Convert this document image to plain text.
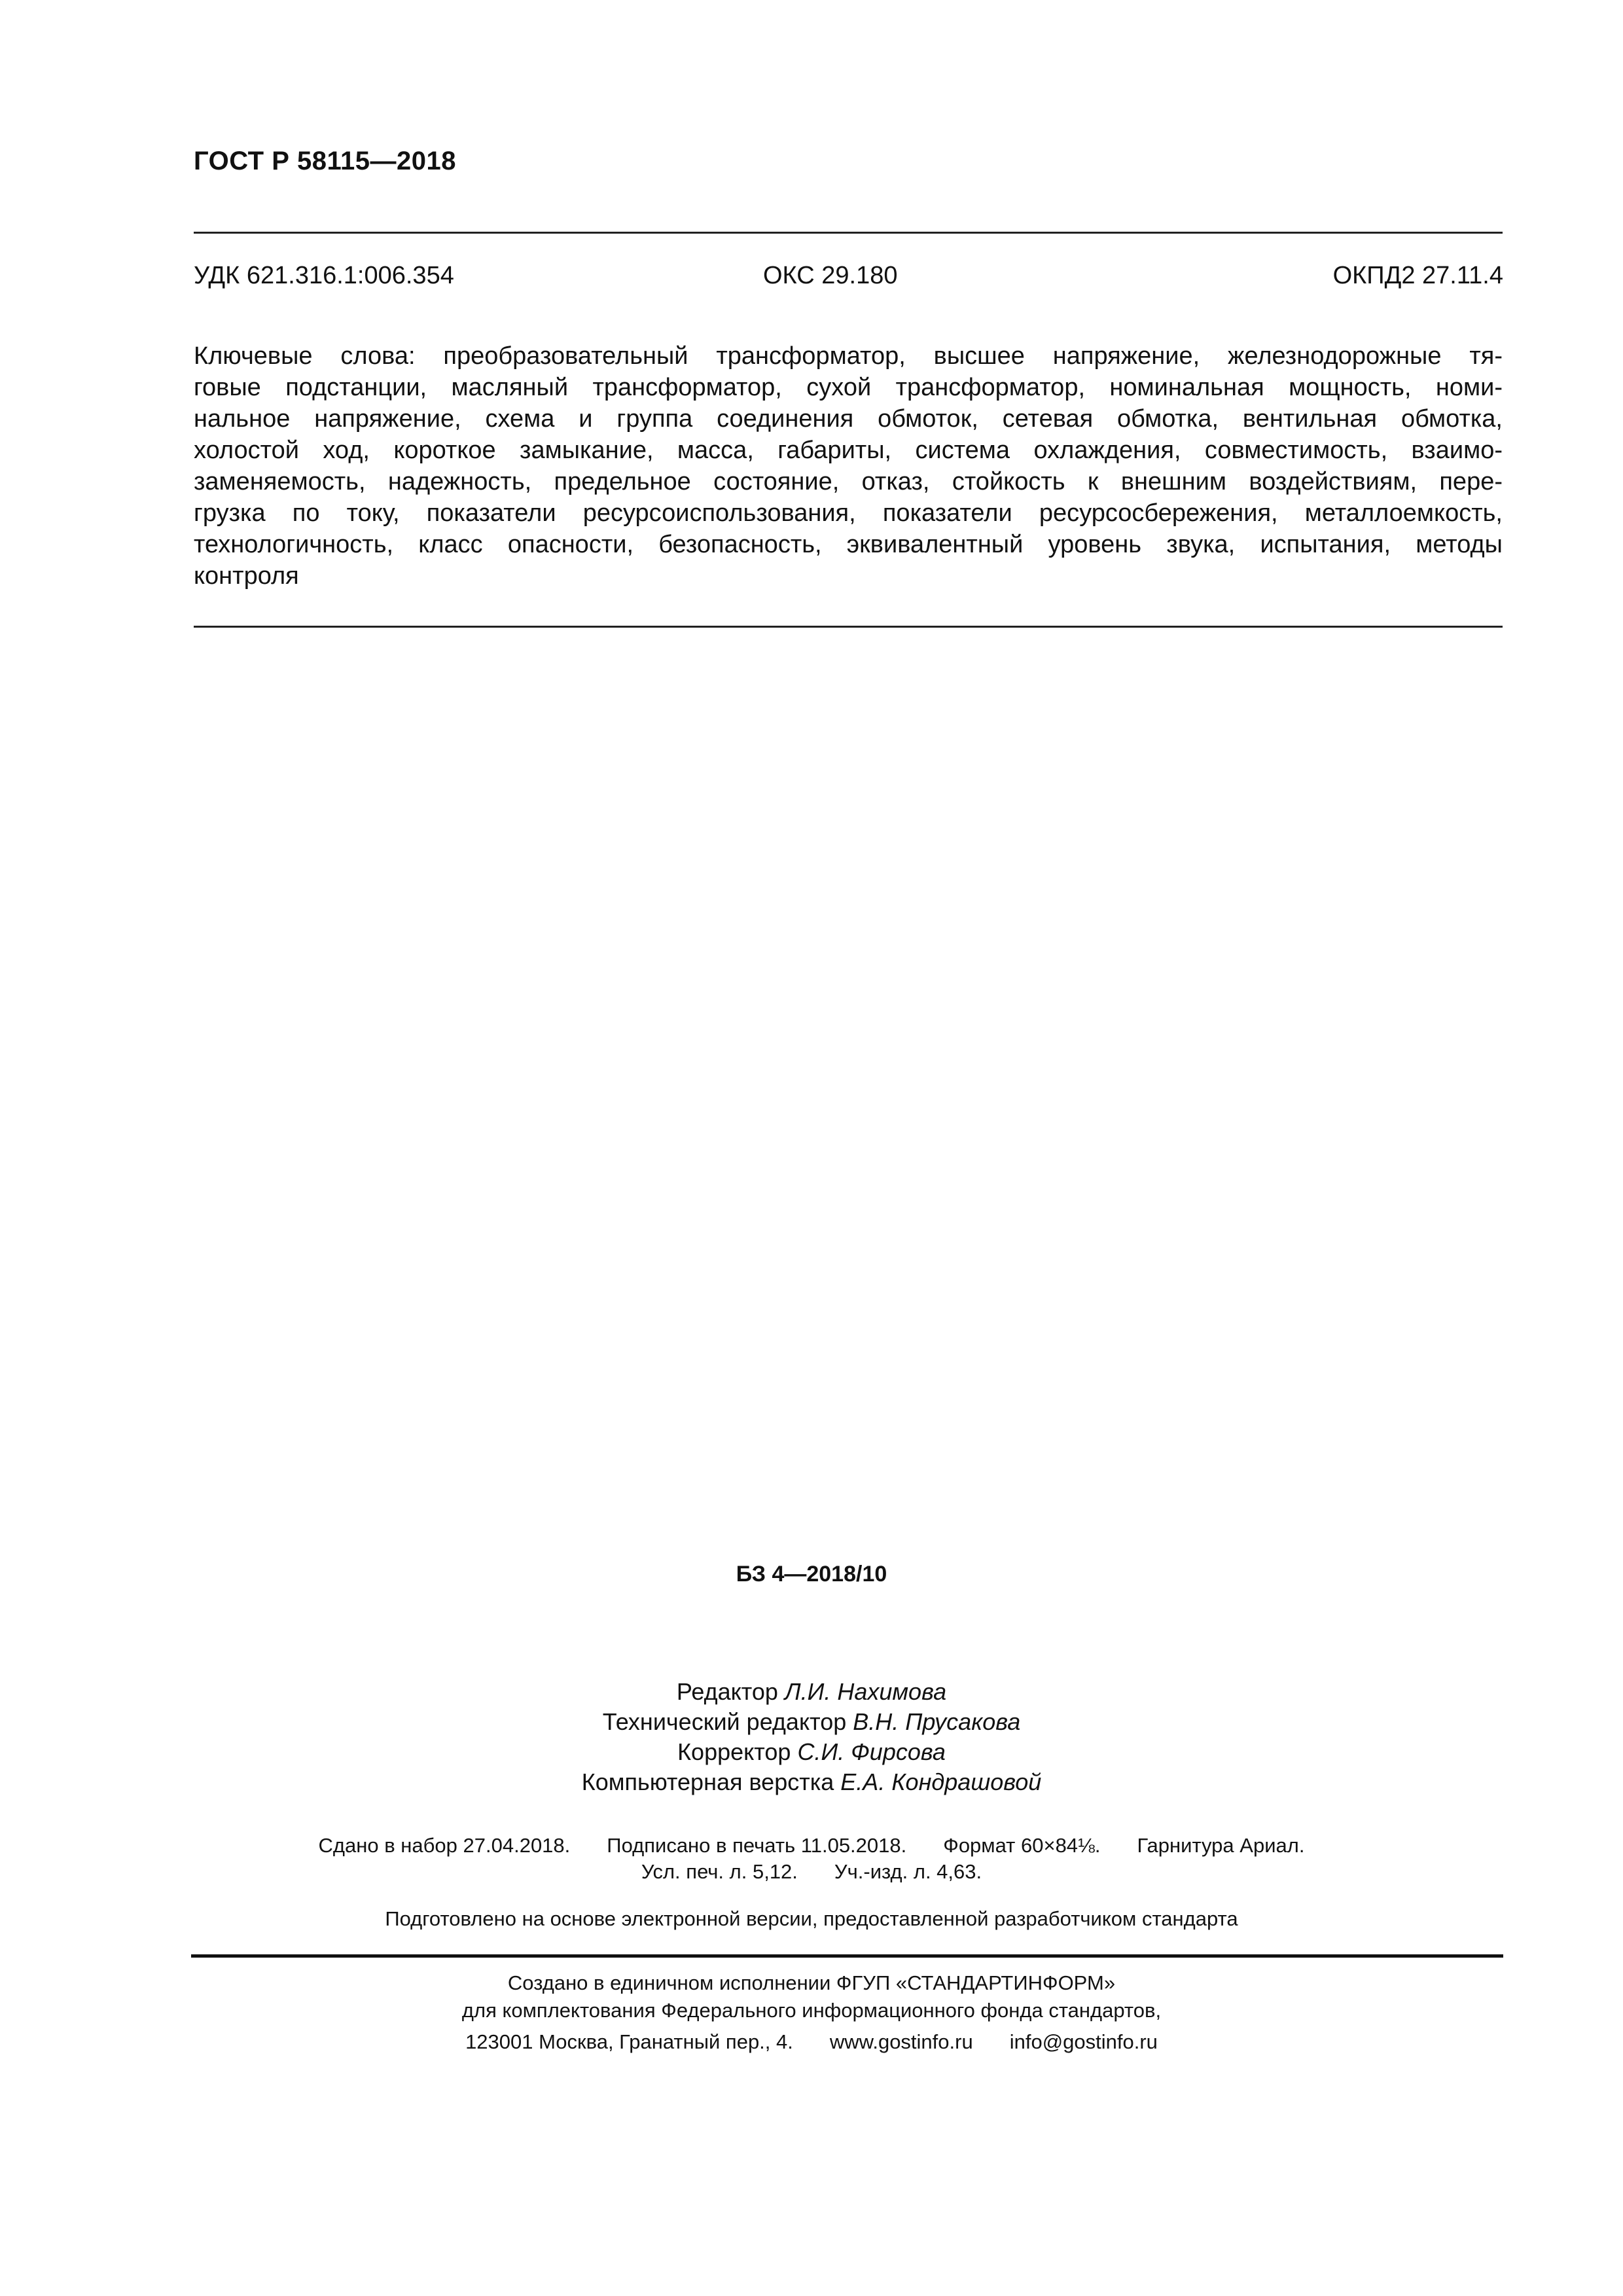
ГОСТ Р 58115—2018
УДК 621.316.1:006.354	ОКС 29.180	ОКПД2 27.11.4
Ключевые слова: преобразовательный трансформатор, высшее напряжение, железнодорожные тя-
говые подстанции, масляный трансформатор, сухой трансформатор, номинальная мощность, номи-
нальное напряжение, схема и группа соединения обмоток, сетевая обмотка, вентильная обмотка,
холостой ход, короткое замыкание, масса, габариты, система охлаждения, совместимость, взаимо-
заменяемость, надежность, предельное состояние, отказ, стойкость к внешним воздействиям, пере-
грузка по току, показатели ресурсоиспользования, показатели ресурсосбережения, металлоемкость,
технологичность, класс опасности, безопасность, эквивалентный уровень звука, испытания, методы
контроля
БЗ 4—2018/10
Редактор Л.И. Нахимова
Технический редактор В.Н. Прусакова
Корректор С.И. Фирсова
Компьютерная верстка Е.А. Кондрашовой
Сдано в набор 27.04.2018. Подписано в печать 11.05.2018. Формат 60×84⅛. Гарнитура Ариал.
Усл. печ. л. 5,12. Уч.-изд. л. 4,63.
Подготовлено на основе электронной версии, предоставленной разработчиком стандарта
Создано в единичном исполнении ФГУП «СТАНДАРТИНФОРМ»
для комплектования Федерального информационного фонда стандартов,
123001 Москва, Гранатный пер., 4. www.gostinfo.ru info@gostinfo.ru
